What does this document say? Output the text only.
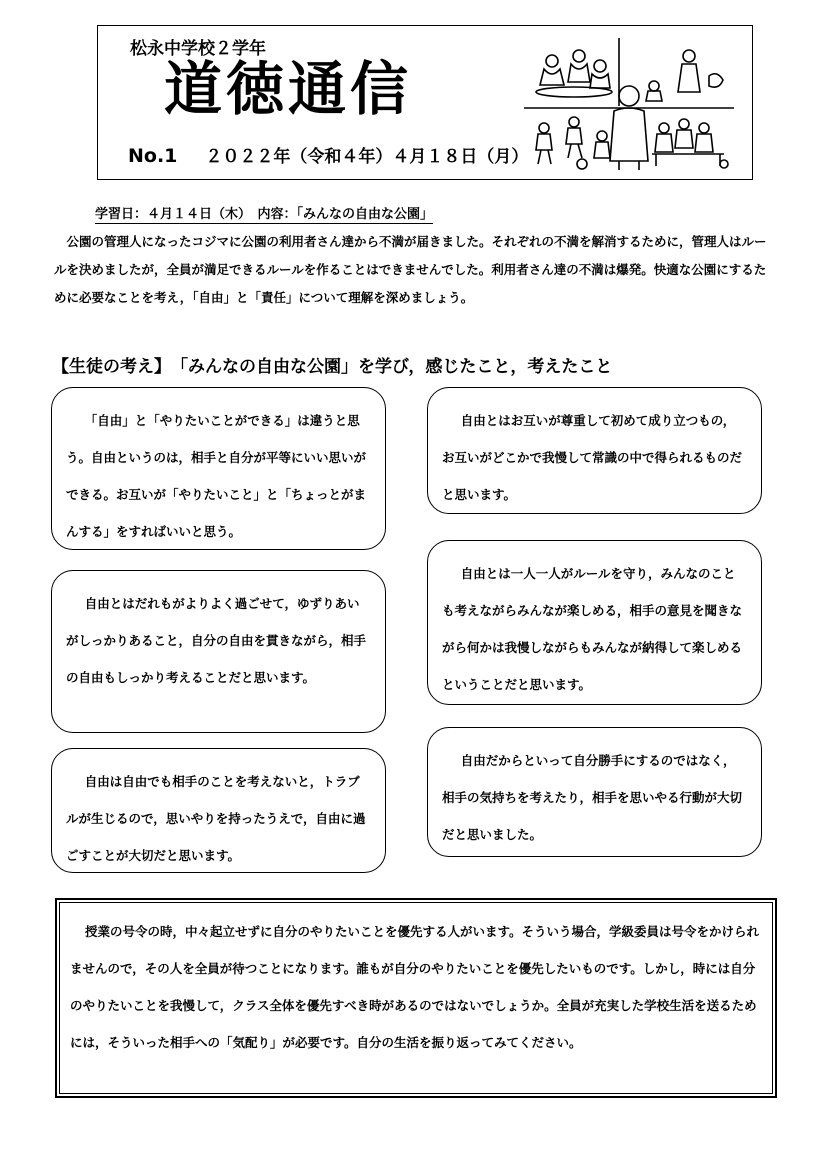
松永中学校２学年
道徳通信
No.1 ２０２２年（令和４年）４月１８日（月）
学習日：４月１４日（木）　内容：「みんなの自由な公園」
公園の管理人になったコジマに公園の利用者さん達から不満が届きました。それぞれの不満を解消するために，管理人はルールを決めましたが，全員が満足できるルールを作ることはできませんでした。利用者さん達の不満は爆発。快適な公園にするために必要なことを考え，「自由」と「責任」について理解を深めましょう。
【生徒の考え】　「みんなの自由な公園」を学び，感じたこと，考えたこと

「自由」と「やりたいことができる」は違うと思う。自由というのは，相手と自分が平等にいい思いができる。お互いが「やりたいこと」と「ちょっとがまんする」をすればいいと思う。

自由とはだれもがよりよく過ごせて，ゆずりあいがしっかりあること，自分の自由を貫きながら，相手の自由もしっかり考えることだと思います。

自由は自由でも相手のことを考えないと，トラブルが生じるので，思いやりを持ったうえで，自由に過ごすことが大切だと思います。

自由とはお互いが尊重して初めて成り立つもの，お互いがどこかで我慢して常識の中で得られるものだと思います。

自由とは一人一人がルールを守り，みんなのことも考えながらみんなが楽しめる，相手の意見を聞きながら何かは我慢しながらもみんなが納得して楽しめるということだと思います。

自由だからといって自分勝手にするのではなく，相手の気持ちを考えたり，相手を思いやる行動が大切だと思いました。

授業の号令の時，中々起立せずに自分のやりたいことを優先する人がいます。そういう場合，学級委員は号令をかけられませんので，その人を全員が待つことになります。誰もが自分のやりたいことを優先したいものです。しかし，時には自分のやりたいことを我慢して，クラス全体を優先すべき時があるのではないでしょうか。全員が充実した学校生活を送るためには，そういった相手への「気配り」が必要です。自分の生活を振り返ってみてください。
